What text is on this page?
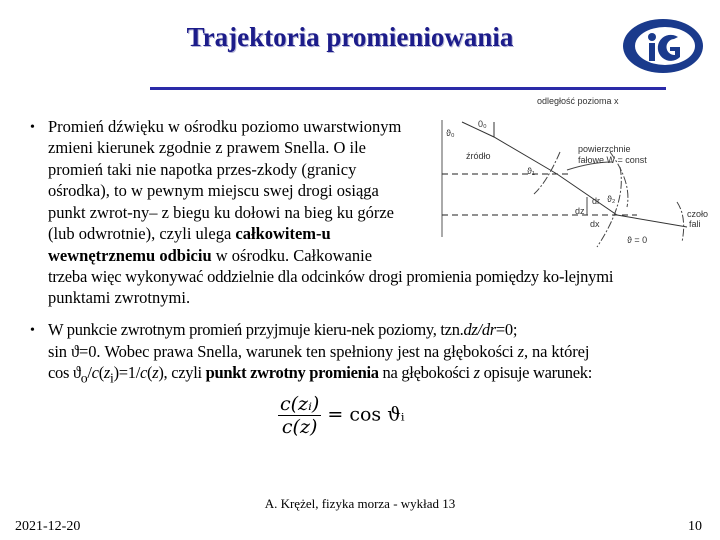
Trajektoria promieniowania
• Promień dźwięku w ośrodku poziomo uwarstwionym
zmieni kierunek zgodnie z prawem Snella. O ile
promień taki nie napotka przes-zkody (granicy
ośrodka), to w pewnym miejscu swej drogi osiąga
punkt zwrot-ny– z biegu ku dołowi na bieg ku górze
(lub odwrotnie), czyli ulega całkowitem-u
wewnętrznemu odbiciu w ośrodku. Całkowanie
trzeba więc wykonywać oddzielnie dla odcinków drogi promienia pomiędzy ko-lejnymi
punktami zwrotnymi.
odległość pozioma x
ϑ₀
0₀
źródło
powierzchnie
fałowe W = const
ϑ₁
ϑ₂
dr
dz
dx
czoło
fali
ϑ = 0
• W punkcie zwrotnym promień przyjmuje kieru-nek poziomy, tzn.dz/dr=0;
sin ϑ=0. Wobec prawa Snella, warunek ten spełniony jest na głębokości z, na której
$\cos ϑ_o/c(z_i)=1/c(z)$, czyli punkt zwrotny promienia na głębokości z opisuje warunek:
$\frac{\text{c(zᵢ)}}{c(z)} = \cos$ ϑᵢ
A. Krężel, fizyka morza - wykład 13
2021-12-20	10
